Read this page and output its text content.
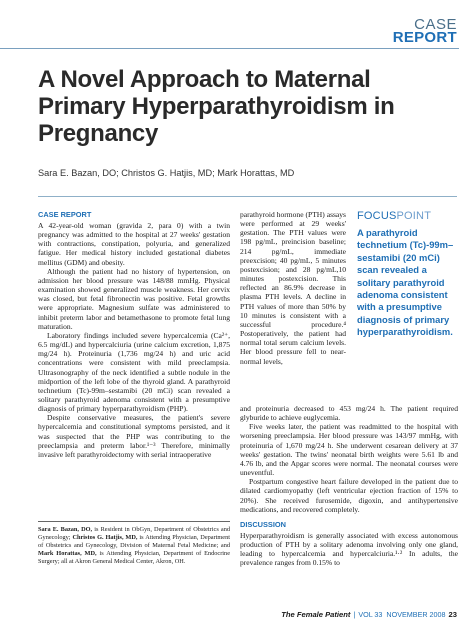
CASE
REPORT
A Novel Approach to Maternal Primary Hyperparathyroidism in Pregnancy
Sara E. Bazan, DO; Christos G. Hatjis, MD; Mark Horattas, MD
CASE REPORT

A 42-year-old woman (gravida 2, para 0) with a twin pregnancy was admitted to the hospital at 27 weeks' gestation with contractions, constipation, polyuria, and generalized fatigue. Her medical history included gestational diabetes mellitus (GDM) and obesity.

Although the patient had no history of hypertension, on admission her blood pressure was 148/88 mmHg. Physical examination showed generalized muscle weakness. Her cervix was closed, but fetal fibronectin was positive. Fetal growths were appropriate. Magnesium sulfate was administered to inhibit preterm labor and betamethasone to promote fetal lung maturation.

Laboratory findings included severe hypercalcemia (Ca²⁺, 6.5 mg/dL) and hypercalciuria (urine calcium excretion, 1,875 mg/24 h). Proteinuria (1,736 mg/24 h) and uric acid concentrations were consistent with mild preeclampsia. Ultrasonography of the neck identified a subtle nodule in the midportion of the left lobe of the thyroid gland. A parathyroid technetium (Tc)-99m–sestamibi (20 mCi) scan revealed a solitary parathyroid adenoma consistent with a presumptive diagnosis of primary hyperparathyroidism (PHP).

Despite conservative measures, the patient's severe hypercalcemia and constitutional symptoms persisted, and it was suspected that the PHP was contributing to the preeclampsia and preterm labor.¹⁻³ Therefore, minimally invasive left parathyroidectomy with serial intraoperative

Sara E. Bazan, DO, is Resident in ObGyn, Department of Obstetrics and Gynecology; Christos G. Hatjis, MD, is Attending Physician, Department of Obstetrics and Gynecology, Division of Maternal Fetal Medicine; and Mark Horattas, MD, is Attending Physician, Department of Endocrine Surgery; all at Akron General Medical Center, Akron, OH.

parathyroid hormone (PTH) assays were performed at 29 weeks' gestation. The PTH values were 198 pg/mL, preincision baseline; 214 pg/mL, immediate preexcision; 40 pg/mL, 5 minutes postexcision; and 28 pg/mL,10 minutes postexcision. This reflected an 86.9% decrease in plasma PTH levels. A decline in PTH values of more than 50% by 10 minutes is consistent with a successful procedure.⁴ Postoperatively, the patient had normal total serum calcium levels. Her blood pressure fell to near-normal levels,

FOCUSPOINT
A parathyroid technetium (Tc)-99m–sestamibi (20 mCi) scan revealed a solitary parathyroid adenoma consistent with a presumptive diagnosis of primary hyperparathyroidism.

and proteinuria decreased to 453 mg/24 h. The patient required glyburide to achieve euglycemia.

Five weeks later, the patient was readmitted to the hospital with worsening preeclampsia. Her blood pressure was 143/97 mmHg, with proteinuria of 1,670 mg/24 h. She underwent cesarean delivery at 37 weeks' gestation. The twins' neonatal birth weights were 5.61 lb and 4.76 lb, and the Apgar scores were normal. The neonatal courses were uneventful.

Postpartum congestive heart failure developed in the patient due to dilated cardiomyopathy (left ventricular ejection fraction of 15% to 20%). She received furosemide, digoxin, and antihypertensive medications, and recovered completely.

DISCUSSION

Hyperparathyroidism is generally associated with excess autonomous production of PTH by a solitary adenoma involving only one gland, leading to hypercalcemia and hypercalciuria.¹·² In adults, the prevalence ranges from 0.15% to

The Female Patient | VOL 33 NOVEMBER 2008 23
